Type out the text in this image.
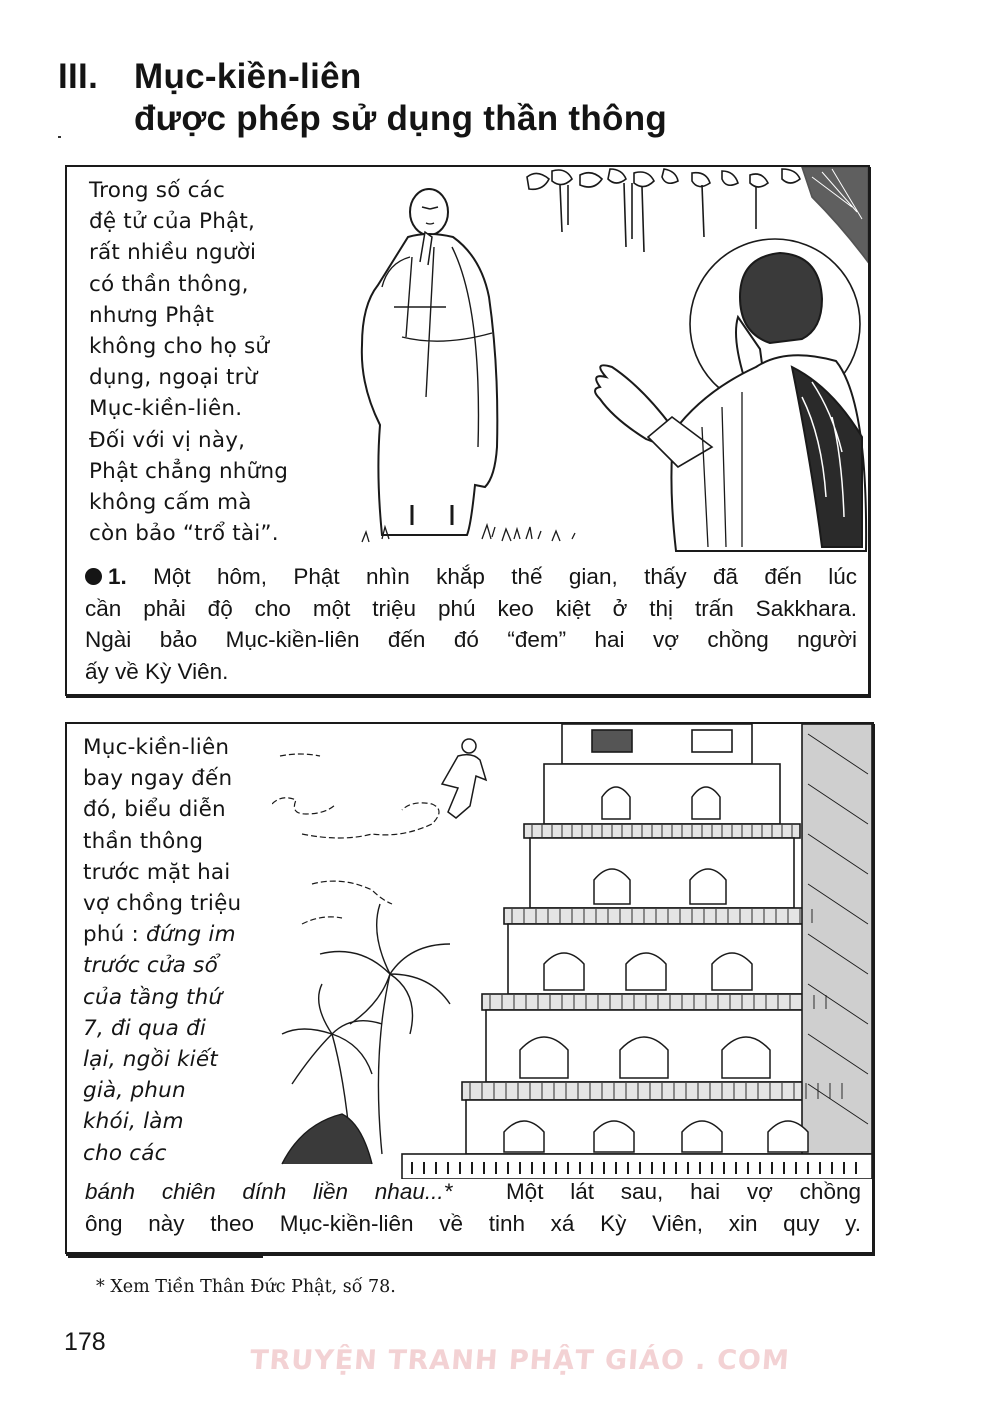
III. Mục-kiền-liên
được phép sử dụng thần thông
Trong số các
đệ tử của Phật,
rất nhiều người
có thần thông,
nhưng Phật
không cho họ sử
dụng, ngoại trừ
Mục-kiền-liên.
Đối với vị này,
Phật chẳng những
không cấm mà
còn bảo “trổ tài”.
1. Một hôm, Phật nhìn khắp thế gian, thấy đã đến lúc
cần phải độ cho một triệu phú keo kiệt ở thị trấn Sakkhara.
Ngài bảo Mục-kiền-liên đến đó “đem” hai vợ chồng người
ấy về Kỳ Viên.
Mục-kiền-liên
bay ngay đến
đó, biểu diễn
thần thông
trước mặt hai
vợ chồng triệu
phú : đứng im
trước cửa sổ
của tầng thứ
7, đi qua đi
lại, ngồi kiết
già, phun
khói, làm
cho các
bánh chiên dính liền nhau...* Một lát sau, hai vợ chồng
ông này theo Mục-kiền-liên về tinh xá Kỳ Viên, xin quy y.
* Xem Tiền Thân Đức Phật, số 78.
178
TRUYỆN TRANH PHẬT GIÁO . COM
